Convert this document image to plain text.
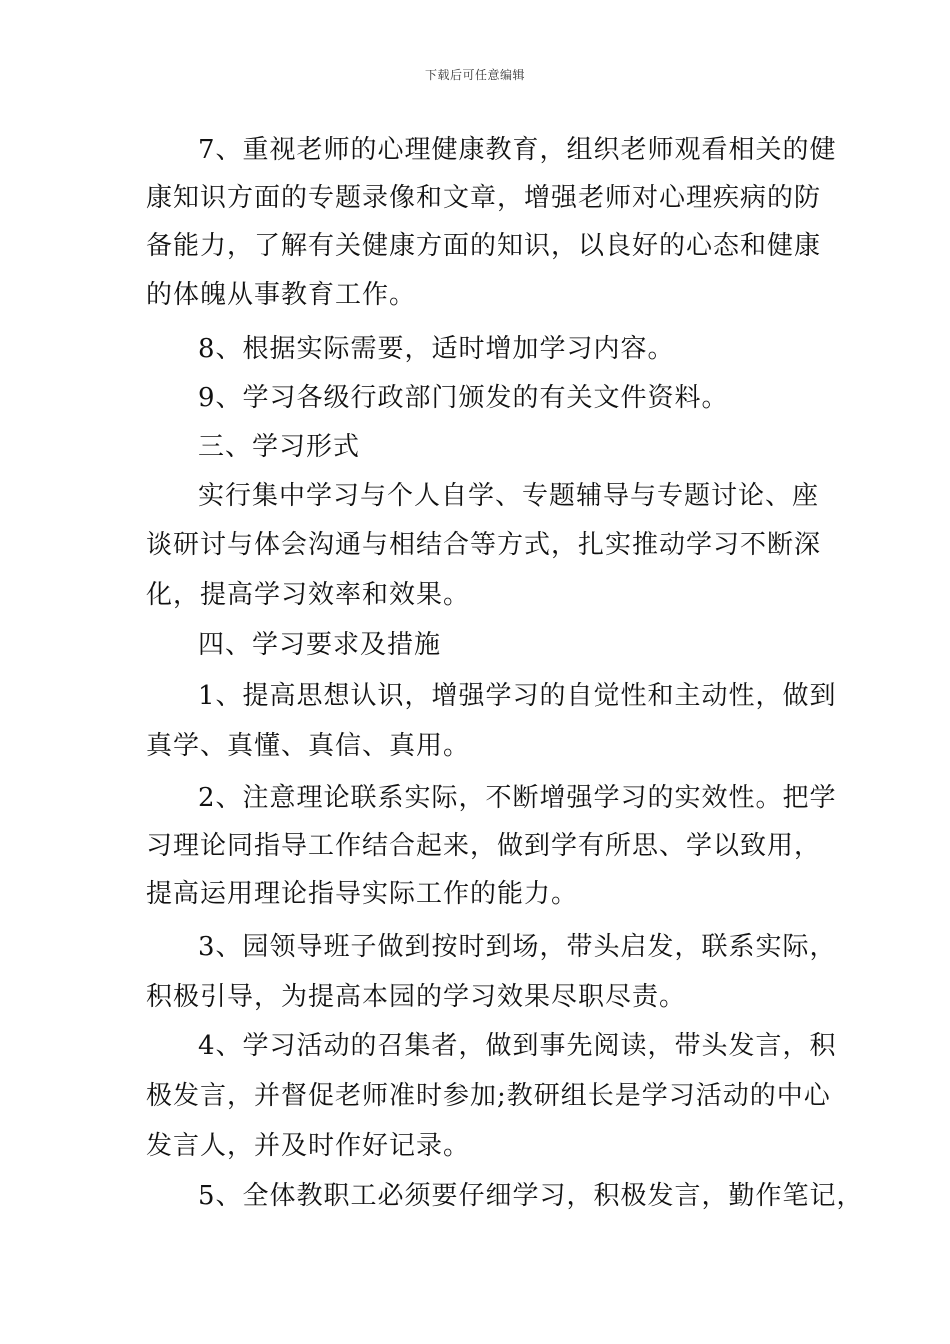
下载后可任意编辑

7、重视老师的心理健康教育，组织老师观看相关的健

康知识方面的专题录像和文章，增强老师对心理疾病的防

备能力，了解有关健康方面的知识，以良好的心态和健康

的体魄从事教育工作。

8、根据实际需要，适时增加学习内容。

9、学习各级行政部门颁发的有关文件资料。

三、学习形式

实行集中学习与个人自学、专题辅导与专题讨论、座

谈研讨与体会沟通与相结合等方式，扎实推动学习不断深

化，提高学习效率和效果。

四、学习要求及措施

1、提高思想认识，增强学习的自觉性和主动性，做到

真学、真懂、真信、真用。

2、注意理论联系实际，不断增强学习的实效性。把学

习理论同指导工作结合起来，做到学有所思、学以致用，

提高运用理论指导实际工作的能力。

3、园领导班子做到按时到场，带头启发，联系实际，

积极引导，为提高本园的学习效果尽职尽责。

4、学习活动的召集者，做到事先阅读，带头发言，积

极发言，并督促老师准时参加;教研组长是学习活动的中心

发言人，并及时作好记录。

5、全体教职工必须要仔细学习，积极发言，勤作笔记，
